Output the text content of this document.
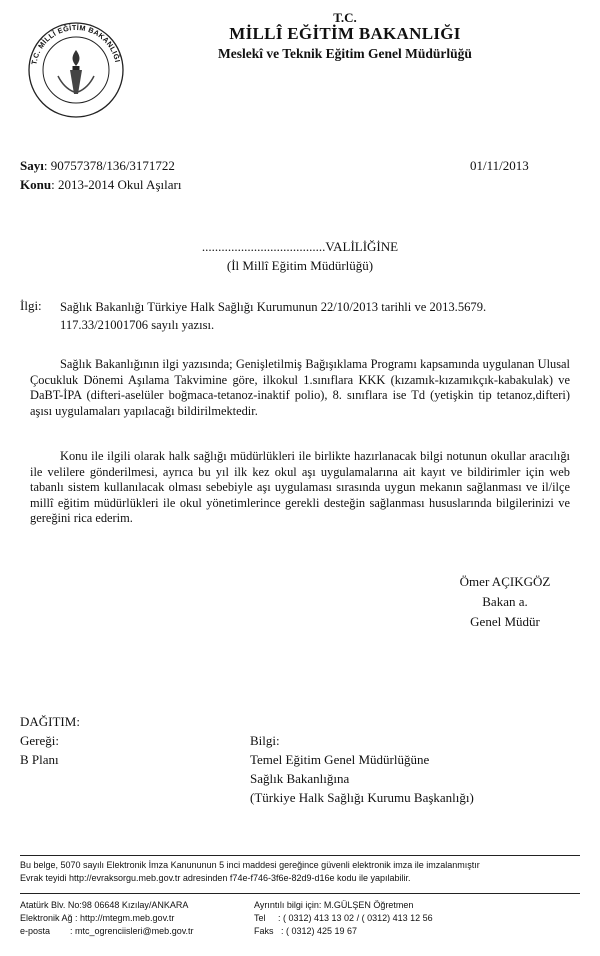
T.C. MİLLÎ EĞİTİM BAKANLIĞI
T.C.
MİLLÎ EĞİTİM BAKANLIĞI
Meslekî ve Teknik Eğitim Genel Müdürlüğü
Sayı: 90757378/136/3171722
Konu: 2013-2014 Okul Aşıları
01/11/2013
......................................VALİLİĞİNE
(İl Millî Eğitim Müdürlüğü)
İlgi: Sağlık Bakanlığı Türkiye Halk Sağlığı Kurumunun 22/10/2013 tarihli ve 2013.5679.
117.33/21001706 sayılı yazısı.

Sağlık Bakanlığının ilgi yazısında; Genişletilmiş Bağışıklama Programı kapsamında uygulanan Ulusal Çocukluk Dönemi Aşılama Takvimine göre, ilkokul 1.sınıflara KKK (kızamık-kızamıkçık-kabakulak) ve DaBT-İPA (difteri-aselüler boğmaca-tetanoz-inaktif polio), 8. sınıflara ise Td (yetişkin tip tetanoz,difteri) aşısı uygulamaları yapılacağı bildirilmektedir.

Konu ile ilgili olarak halk sağlığı müdürlükleri ile birlikte hazırlanacak bilgi notunun okullar aracılığı ile velilere gönderilmesi, ayrıca bu yıl ilk kez okul aşı uygulamalarına ait kayıt ve bildirimler için web tabanlı sistem kullanılacak olması sebebiyle aşı uygulaması sırasında uygun mekanın sağlanması ve il/ilçe millî eğitim müdürlükleri ile okul yönetimlerince gerekli desteğin sağlanması hususlarında bilgilerinizi ve gereğini rica ederim.

Ömer AÇIKGÖZ
Bakan a.
Genel Müdür
DAĞITIM:
Gereği:
B Planı
Bilgi:
Temel Eğitim Genel Müdürlüğüne
Sağlık Bakanlığına
(Türkiye Halk Sağlığı Kurumu Başkanlığı)
Bu belge, 5070 sayılı Elektronik İmza Kanununun 5 inci maddesi gereğince güvenli elektronik imza ile imzalanmıştır
Evrak teyidi http://evraksorgu.meb.gov.tr adresinden f74e-f746-3f6e-82d9-d16e kodu ile yapılabilir.
Atatürk Blv. No:98 06648 Kızılay/ANKARA
Elektronik Ağ : http://mtegm.meb.gov.tr
e-posta        : mtc_ogrenciisleri@meb.gov.tr
Ayrıntılı bilgi için: M.GÜLŞEN Öğretmen
Tel     : ( 0312) 413 13 02 / ( 0312) 413 12 56
Faks   : ( 0312) 425 19 67
